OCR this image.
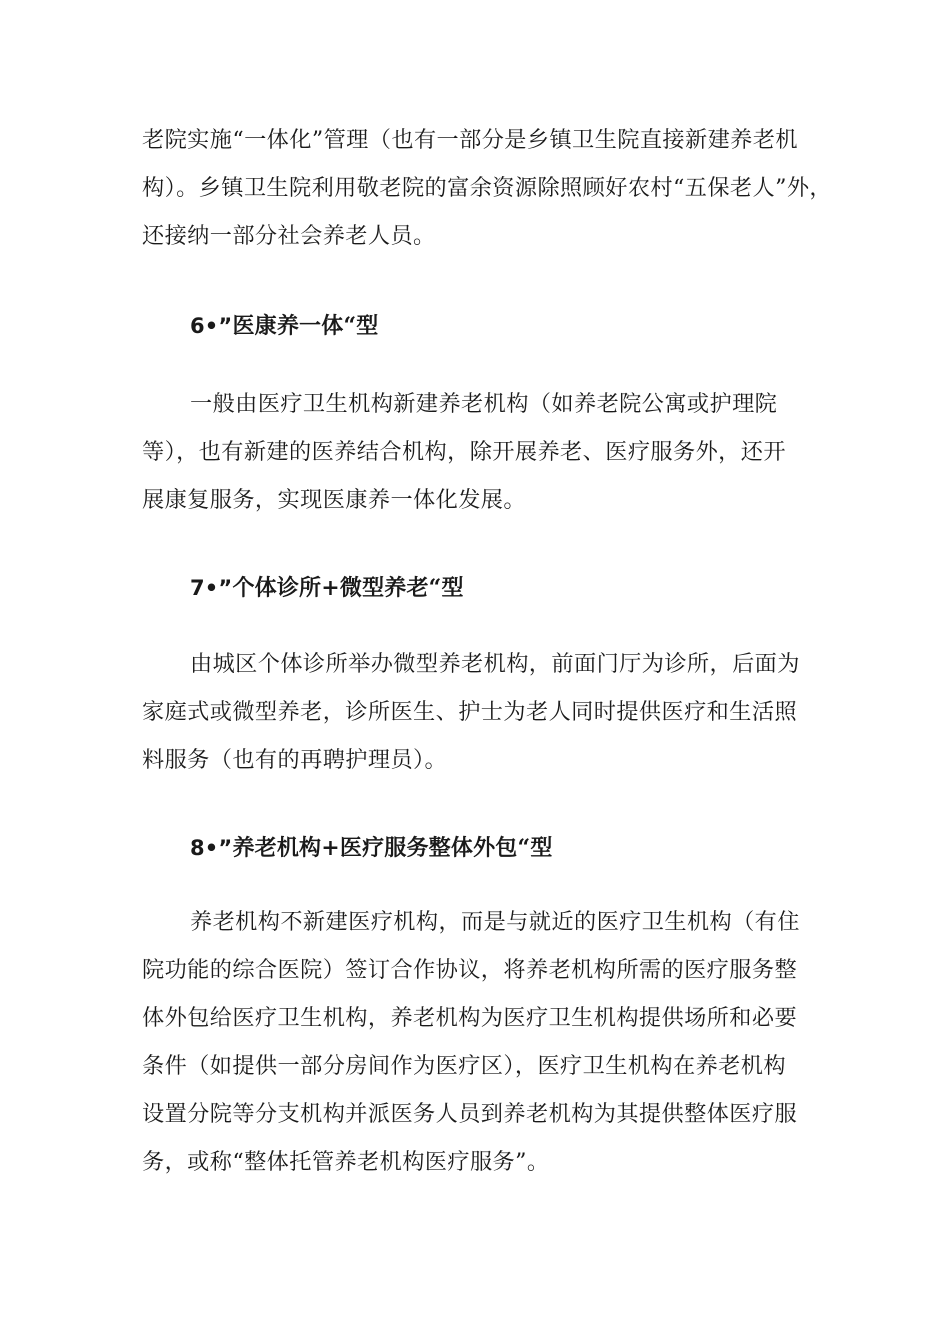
老院实施“一体化”管理（也有一部分是乡镇卫生院直接新建养老机
构）。乡镇卫生院利用敬老院的富余资源除照顾好农村“五保老人”外，
还接纳一部分社会养老人员。

6•”医康养一体“型

一般由医疗卫生机构新建养老机构（如养老院公寓或护理院
等），也有新建的医养结合机构，除开展养老、医疗服务外，还开
展康复服务，实现医康养一体化发展。

7•”个体诊所+微型养老“型

由城区个体诊所举办微型养老机构，前面门厅为诊所，后面为
家庭式或微型养老，诊所医生、护士为老人同时提供医疗和生活照
料服务（也有的再聘护理员）。

8•”养老机构+医疗服务整体外包“型

养老机构不新建医疗机构，而是与就近的医疗卫生机构（有住
院功能的综合医院）签订合作协议，将养老机构所需的医疗服务整
体外包给医疗卫生机构，养老机构为医疗卫生机构提供场所和必要
条件（如提供一部分房间作为医疗区），医疗卫生机构在养老机构
设置分院等分支机构并派医务人员到养老机构为其提供整体医疗服
务，或称“整体托管养老机构医疗服务”。
